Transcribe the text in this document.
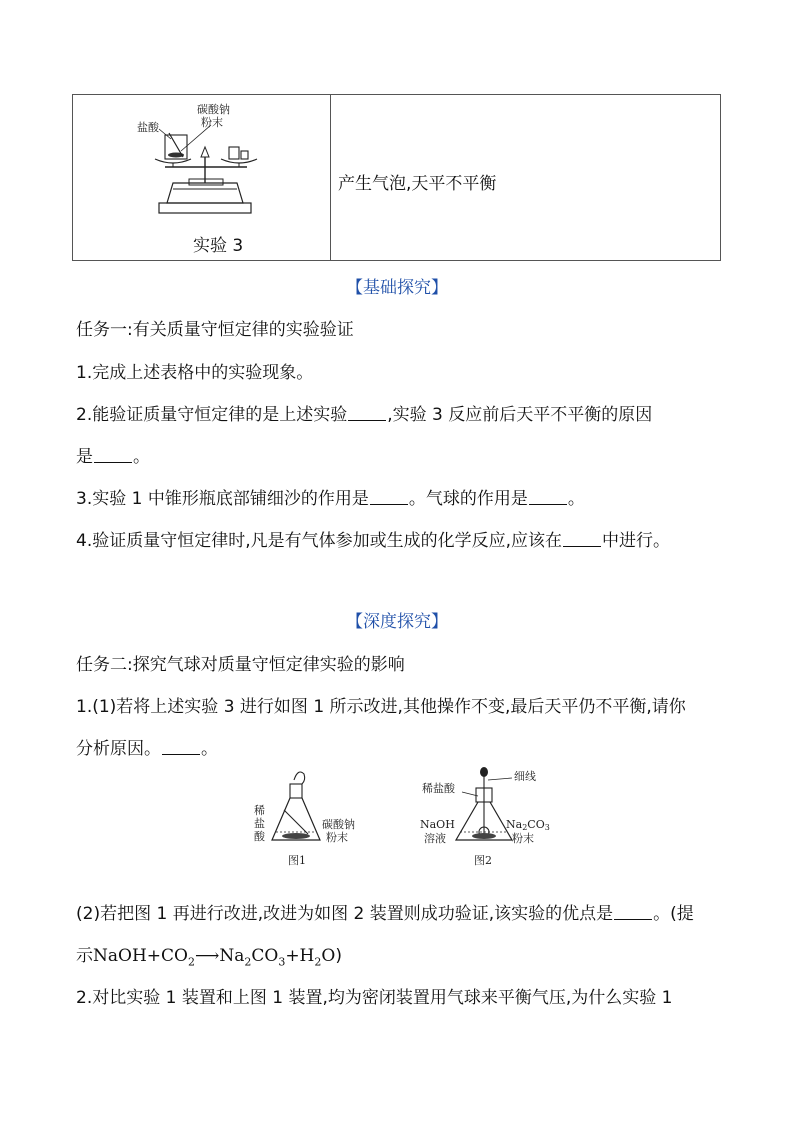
盐酸
碳酸钠
粉末
实验 3
产生气泡,天平不平衡
【基础探究】
任务一:有关质量守恒定律的实验验证
1.完成上述表格中的实验现象。
2.能验证质量守恒定律的是上述实验 ,实验 3 反应前后天平不平衡的原因
是 。
3.实验 1 中锥形瓶底部铺细沙的作用是 。气球的作用是 。
4.验证质量守恒定律时,凡是有气体参加或生成的化学反应,应该在 中进行。
【深度探究】
任务二:探究气球对质量守恒定律实验的影响
1.(1)若将上述实验 3 进行如图 1 所示改进,其他操作不变,最后天平仍不平衡,请你
分析原因。 。
稀
盐
酸
碳酸钠
粉末
图1
稀盐酸
细线
NaOH
溶液
Na2CO3
粉末
图2
(2)若把图 1 再进行改进,改进为如图 2 装置则成功验证,该实验的优点是 。(提
示$NaOH+CO_2⟶Na_2CO_3+H_2O$)
2.对比实验 1 装置和上图 1 装置,均为密闭装置用气球来平衡气压,为什么实验 1
